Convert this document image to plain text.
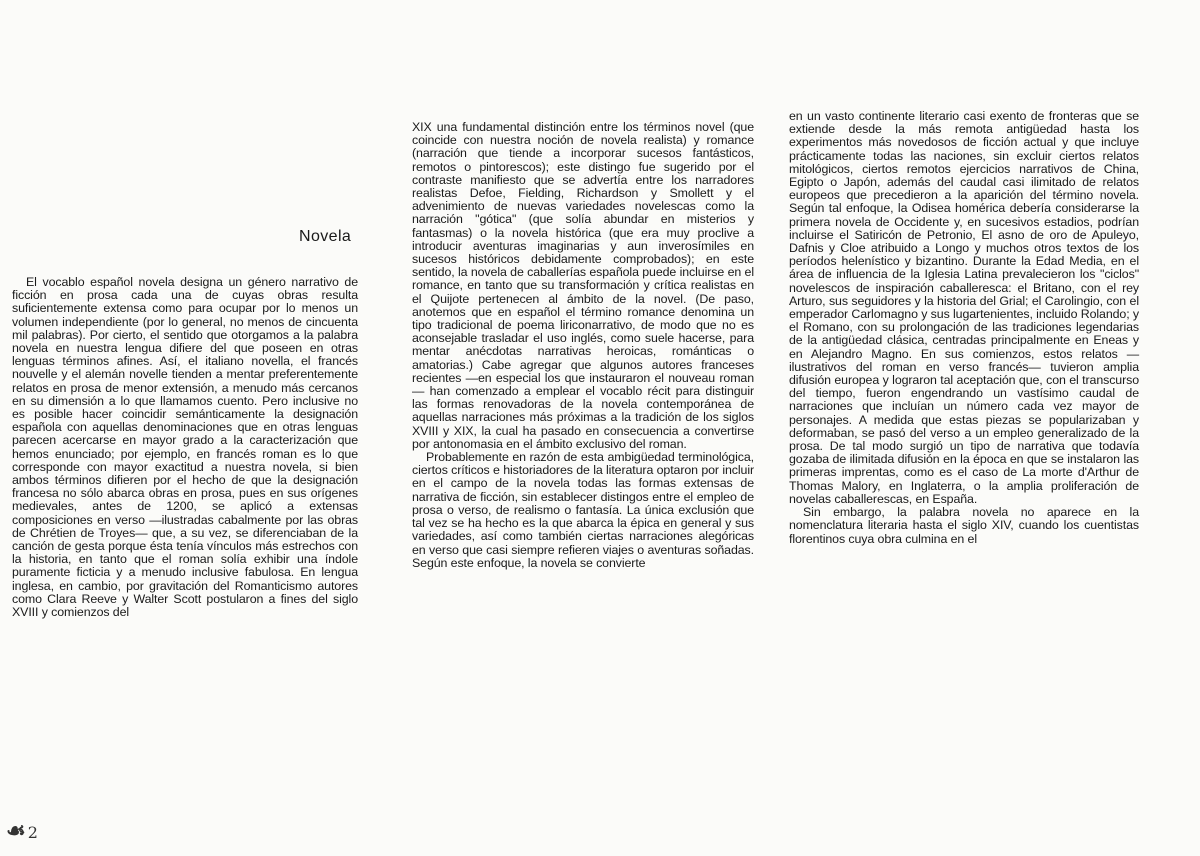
Novela

El vocablo español novela designa un género narrativo de ficción en prosa cada una de cuyas obras resulta suficientemente extensa como para ocupar por lo menos un volumen independiente (por lo general, no menos de cincuenta mil palabras). Por cierto, el sentido que otorgamos a la palabra novela en nuestra lengua difiere del que poseen en otras lenguas términos afines. Así, el italiano novella, el francés nouvelle y el alemán novelle tienden a mentar preferentemente relatos en prosa de menor extensión, a menudo más cercanos en su dimensión a lo que llamamos cuento. Pero inclusive no es posible hacer coincidir semánticamente la designación española con aquellas denominaciones que en otras lenguas parecen acercarse en mayor grado a la caracterización que hemos enunciado; por ejemplo, en francés roman es lo que corresponde con mayor exactitud a nuestra novela, si bien ambos términos difieren por el hecho de que la designación francesa no sólo abarca obras en prosa, pues en sus orígenes medievales, antes de 1200, se aplicó a extensas composiciones en verso —ilustradas cabalmente por las obras de Chrétien de Troyes— que, a su vez, se diferenciaban de la canción de gesta porque ésta tenía vínculos más estrechos con la historia, en tanto que el roman solía exhibir una índole puramente ficticia y a menudo inclusive fabulosa. En lengua inglesa, en cambio, por gravitación del Romanticismo autores como Clara Reeve y Walter Scott postularon a fines del siglo XVIII y comienzos del

XIX una fundamental distinción entre los términos novel (que coincide con nuestra noción de novela realista) y romance (narración que tiende a incorporar sucesos fantásticos, remotos o pintorescos); este distingo fue sugerido por el contraste manifiesto que se advertía entre los narradores realistas Defoe, Fielding, Richardson y Smollett y el advenimiento de nuevas variedades novelescas como la narración "gótica" (que solía abundar en misterios y fantasmas) o la novela histórica (que era muy proclive a introducir aventuras imaginarias y aun inverosímiles en sucesos históricos debidamente comprobados); en este sentido, la novela de caballerías española puede incluirse en el romance, en tanto que su transformación y crítica realistas en el Quijote pertenecen al ámbito de la novel. (De paso, anotemos que en español el término romance denomina un tipo tradicional de poema liriconarrativo, de modo que no es aconsejable trasladar el uso inglés, como suele hacerse, para mentar anécdotas narrativas heroicas, románticas o amatorias.) Cabe agregar que algunos autores franceses recientes —en especial los que instauraron el nouveau roman— han comenzado a emplear el vocablo récit para distinguir las formas renovadoras de la novela contemporánea de aquellas narraciones más próximas a la tradición de los siglos XVIII y XIX, la cual ha pasado en consecuencia a convertirse por antonomasia en el ámbito exclusivo del roman.

Probablemente en razón de esta ambigüedad terminológica, ciertos críticos e historiadores de la literatura optaron por incluir en el campo de la novela todas las formas extensas de narrativa de ficción, sin establecer distingos entre el empleo de prosa o verso, de realismo o fantasía. La única exclusión que tal vez se ha hecho es la que abarca la épica en general y sus variedades, así como también ciertas narraciones alegóricas en verso que casi siempre refieren viajes o aventuras soñadas. Según este enfoque, la novela se convierte

en un vasto continente literario casi exento de fronteras que se extiende desde la más remota antigüedad hasta los experimentos más novedosos de ficción actual y que incluye prácticamente todas las naciones, sin excluir ciertos relatos mitológicos, ciertos remotos ejercicios narrativos de China, Egipto o Japón, además del caudal casi ilimitado de relatos europeos que precedieron a la aparición del término novela. Según tal enfoque, la Odisea homérica debería considerarse la primera novela de Occidente y, en sucesivos estadios, podrían incluirse el Satiricón de Petronio, El asno de oro de Apuleyo, Dafnis y Cloe atribuido a Longo y muchos otros textos de los períodos helenístico y bizantino. Durante la Edad Media, en el área de influencia de la Iglesia Latina prevalecieron los "ciclos" novelescos de inspiración caballeresca: el Britano, con el rey Arturo, sus seguidores y la historia del Grial; el Carolingio, con el emperador Carlomagno y sus lugartenientes, incluido Rolando; y el Romano, con su prolongación de las tradiciones legendarias de la antigüedad clásica, centradas principalmente en Eneas y en Alejandro Magno. En sus comienzos, estos relatos —ilustrativos del roman en verso francés— tuvieron amplia difusión europea y lograron tal aceptación que, con el transcurso del tiempo, fueron engendrando un vastísimo caudal de narraciones que incluían un número cada vez mayor de personajes. A medida que estas piezas se popularizaban y deformaban, se pasó del verso a un empleo generalizado de la prosa. De tal modo surgió un tipo de narrativa que todavía gozaba de ilimitada difusión en la época en que se instalaron las primeras imprentas, como es el caso de La morte d'Arthur de Thomas Malory, en Inglaterra, o la amplia proliferación de novelas caballerescas, en España.

Sin embargo, la palabra novela no aparece en la nomenclatura literaria hasta el siglo XIV, cuando los cuentistas florentinos cuya obra culmina en el

☙ 2
